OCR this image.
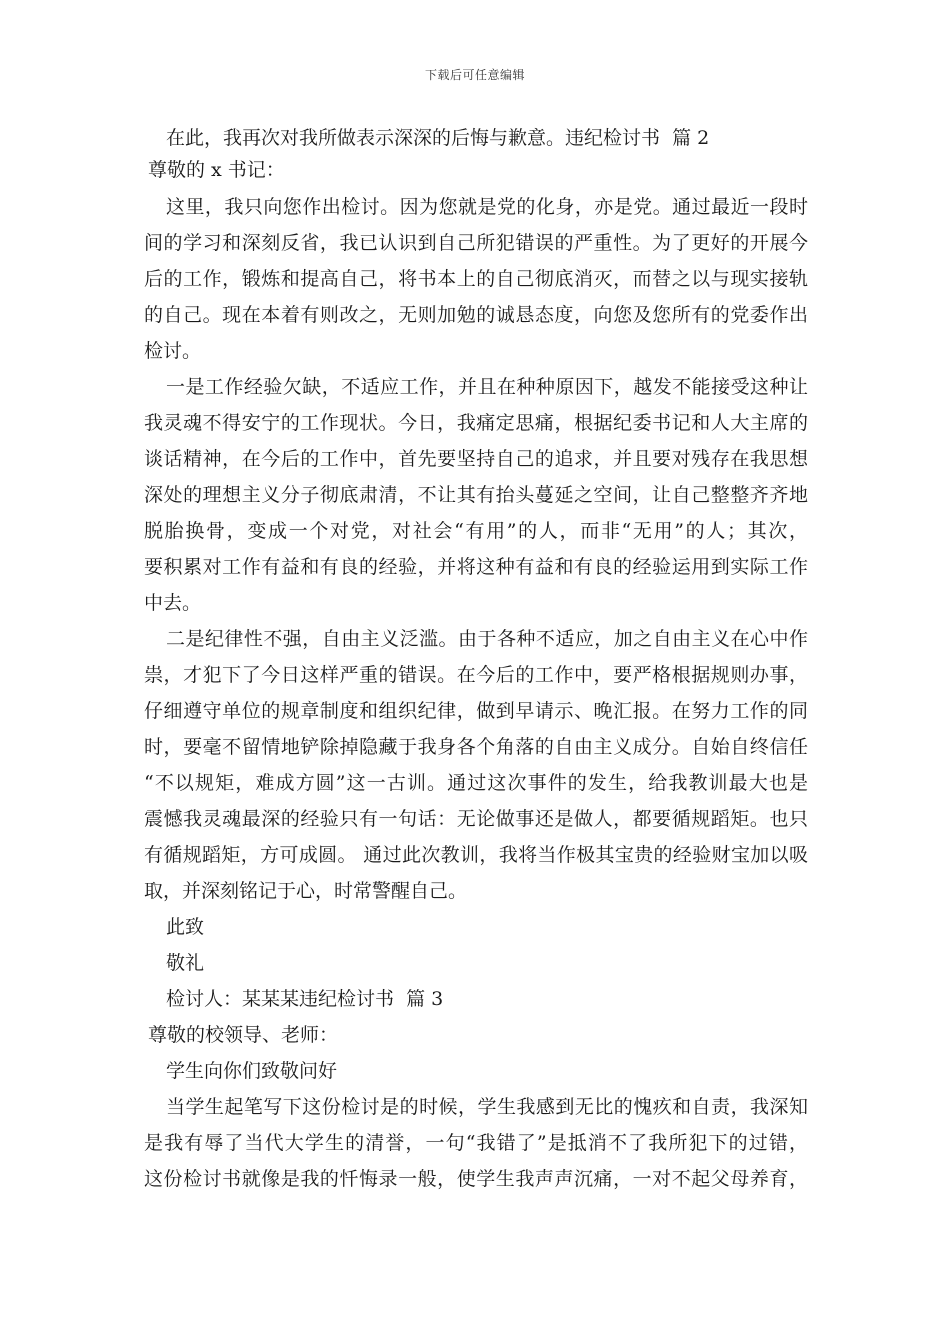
下载后可任意编辑
在此，我再次对我所做表示深深的后悔与歉意。违纪检讨书  篇 2
尊敬的 x 书记：
这里，我只向您作出检讨。因为您就是党的化身，亦是党。通过最近一段时
间的学习和深刻反省，我已认识到自己所犯错误的严重性。为了更好的开展今
后的工作，锻炼和提高自己，将书本上的自己彻底消灭，而替之以与现实接轨
的自己。现在本着有则改之，无则加勉的诚恳态度，向您及您所有的党委作出
检讨。
一是工作经验欠缺，不适应工作，并且在种种原因下，越发不能接受这种让
我灵魂不得安宁的工作现状。今日，我痛定思痛，根据纪委书记和人大主席的
谈话精神，在今后的工作中，首先要坚持自己的追求，并且要对残存在我思想
深处的理想主义分子彻底肃清，不让其有抬头蔓延之空间，让自己整整齐齐地
脱胎换骨，变成一个对党，对社会“有用”的人，而非“无用”的人；其次，
要积累对工作有益和有良的经验，并将这种有益和有良的经验运用到实际工作
中去。
二是纪律性不强，自由主义泛滥。由于各种不适应，加之自由主义在心中作
祟，才犯下了今日这样严重的错误。在今后的工作中，要严格根据规则办事，
仔细遵守单位的规章制度和组织纪律，做到早请示、晚汇报。在努力工作的同
时，要毫不留情地铲除掉隐藏于我身各个角落的自由主义成分。自始自终信任
“不以规矩，难成方圆”这一古训。通过这次事件的发生，给我教训最大也是
震憾我灵魂最深的经验只有一句话：无论做事还是做人，都要循规蹈矩。也只
有循规蹈矩，方可成圆。 通过此次教训，我将当作极其宝贵的经验财宝加以吸
取，并深刻铭记于心，时常警醒自己。
此致
敬礼
检讨人：某某某违纪检讨书  篇 3
尊敬的校领导、老师：
学生向你们致敬问好
当学生起笔写下这份检讨是的时候，学生我感到无比的愧疚和自责，我深知
是我有辱了当代大学生的清誉，一句“我错了”是抵消不了我所犯下的过错，
这份检讨书就像是我的忏悔录一般，使学生我声声沉痛，一对不起父母养育，
